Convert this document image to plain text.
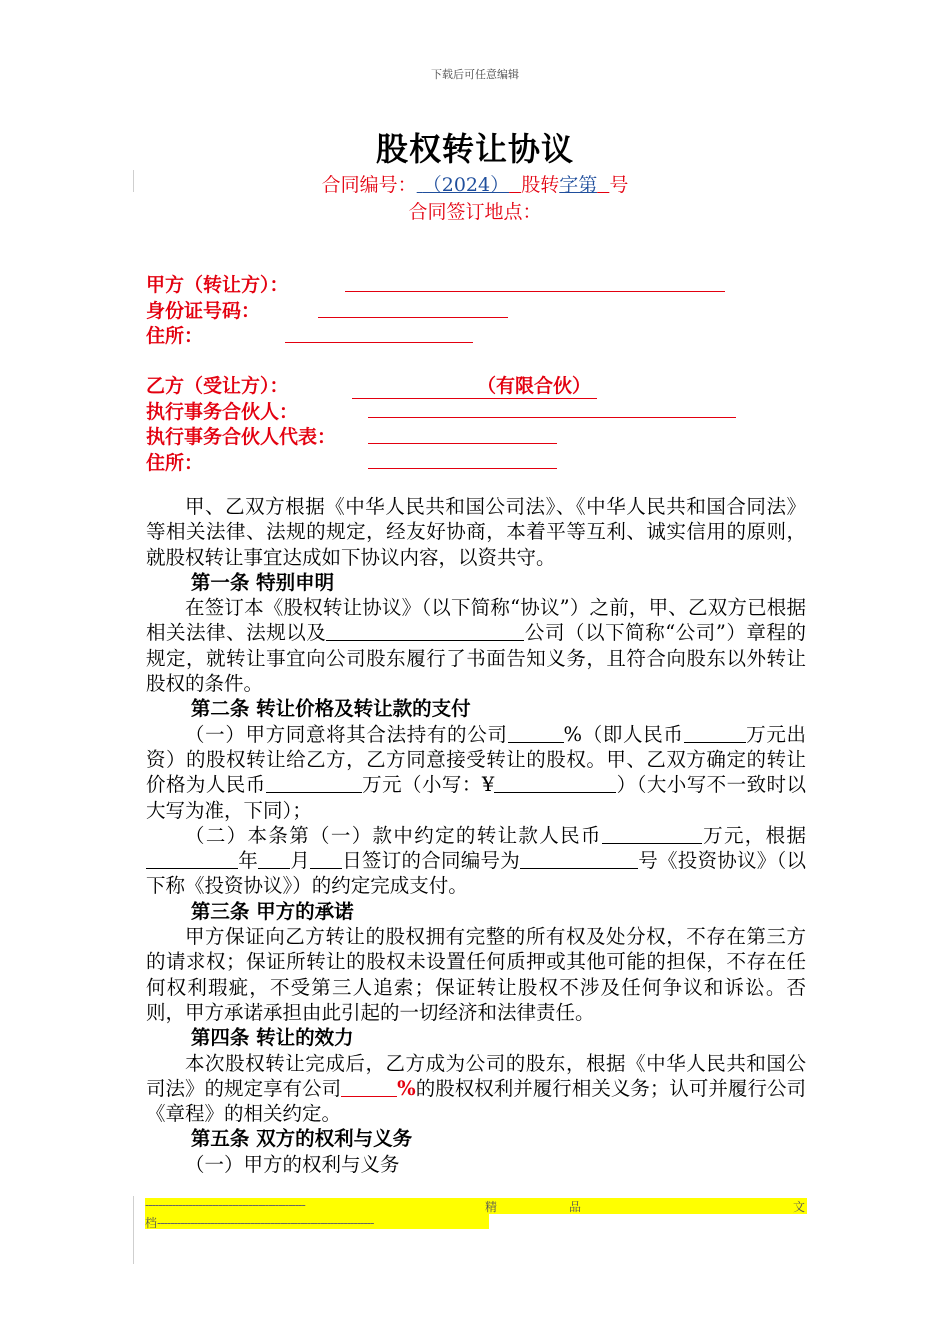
下载后可任意编辑
股权转让协议
合同编号： （2024） 股转字第 号
合同签订地点：
甲方（转让方）：
身份证号码：
住所：
乙方（受让方）：	（有限合伙）
执行事务合伙人：
执行事务合伙人代表：
住所：

甲、乙双方根据《中华人民共和国公司法》、《中华人民共和国合同法》等相关法律、法规的规定，经友好协商，本着平等互利、诚实信用的原则，就股权转让事宜达成如下协议内容，以资共守。

第一条 特别申明

在签订本《股权转让协议》（以下简称“协议”）之前，甲、乙双方已根据相关法律、法规以及	公司（以下简称“公司”）章程的规定，就转让事宜向公司股东履行了书面告知义务，且符合向股东以外转让股权的条件。

第二条 转让价格及转让款的支付

（一）甲方同意将其合法持有的公司	%（即人民币	万元出资）的股权转让给乙方，乙方同意接受转让的股权。甲、乙双方确定的转让价格为人民币	万元（小写：¥	）（大小写不一致时以大写为准，下同）；

（二）本条第（一）款中约定的转让款人民币	万元，根据年 月 日签订的合同编号为	号《投资协议》（以下称《投资协议》）的约定完成支付。

第三条 甲方的承诺

甲方保证向乙方转让的股权拥有完整的所有权及处分权，不存在第三方的请求权；保证所转让的股权未设置任何质押或其他可能的担保，不存在任何权利瑕疵，不受第三人追索；保证转让股权不涉及任何争议和诉讼。否则，甲方承诺承担由此引起的一切经济和法律责任。

第四条 转让的效力

本次股权转让完成后，乙方成为公司的股东，根据《中华人民共和国公司法》的规定享有公司	%的股权权利并履行相关义务；认可并履行公司《章程》的相关约定。

第五条 双方的权利与义务

（一）甲方的权利与义务

------------------------------------------------	精	品	文
档-----------------------------------------------------------------
